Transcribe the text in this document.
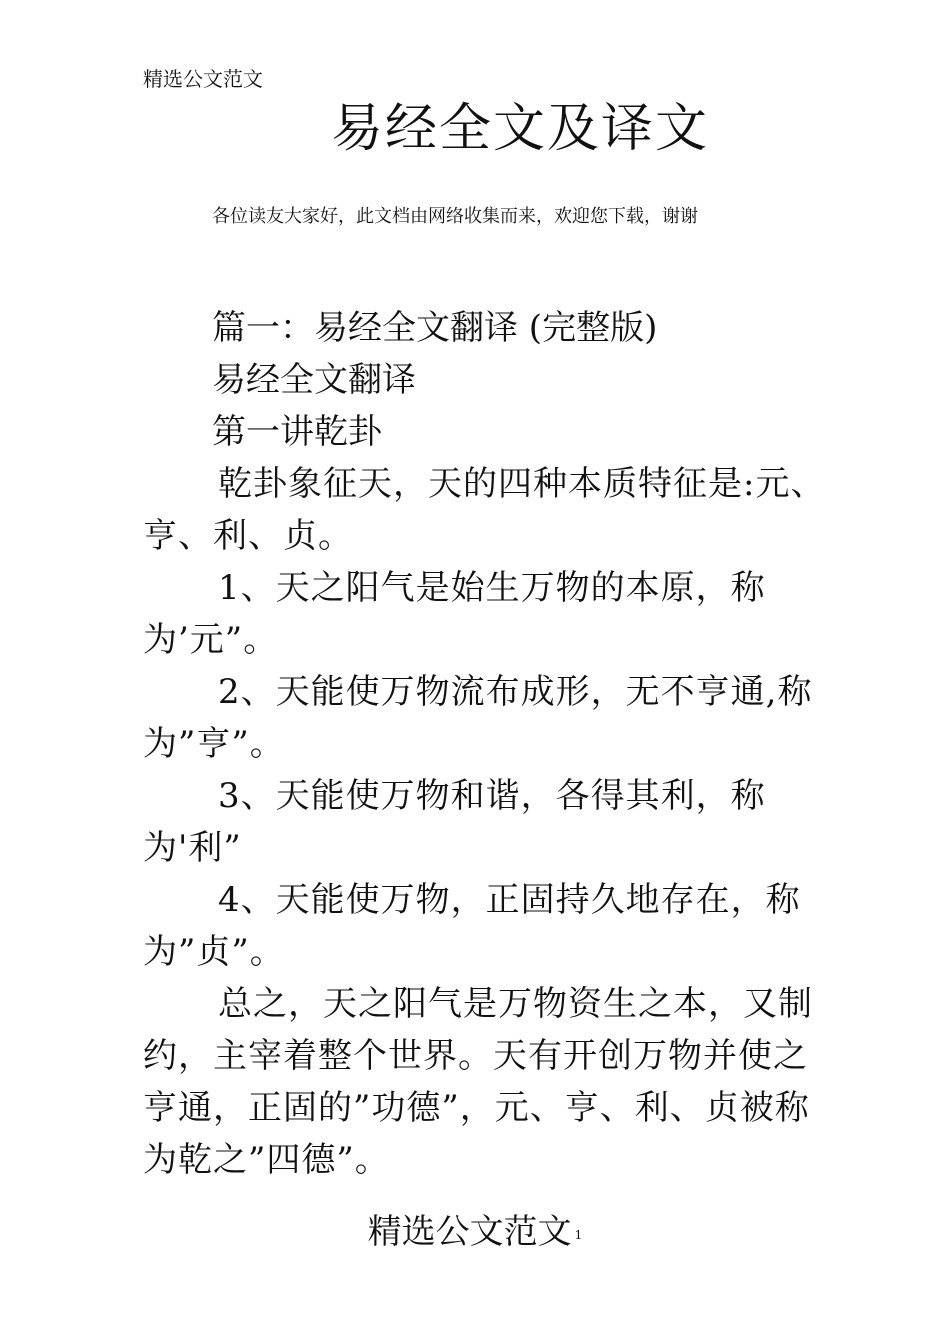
精选公文范文
易经全文及译文
各位读友大家好，此文档由网络收集而来，欢迎您下载，谢谢
篇一：易经全文翻译 (完整版)
易经全文翻译
第一讲乾卦
乾卦象征天，天的四种本质特征是:元、亨、利、贞。
1、天之阳气是始生万物的本原，称为’元”。
2、天能使万物流布成形，无不亨通,称为”亨”。
3、天能使万物和谐，各得其利，称为'利”
4、天能使万物，正固持久地存在，称为”贞”。
总之，天之阳气是万物资生之本，又制约，主宰着整个世界。天有开创万物并使之亨通，正固的”功德”，元、亨、利、贞被称为乾之”四德”。
精选公文范文 1
